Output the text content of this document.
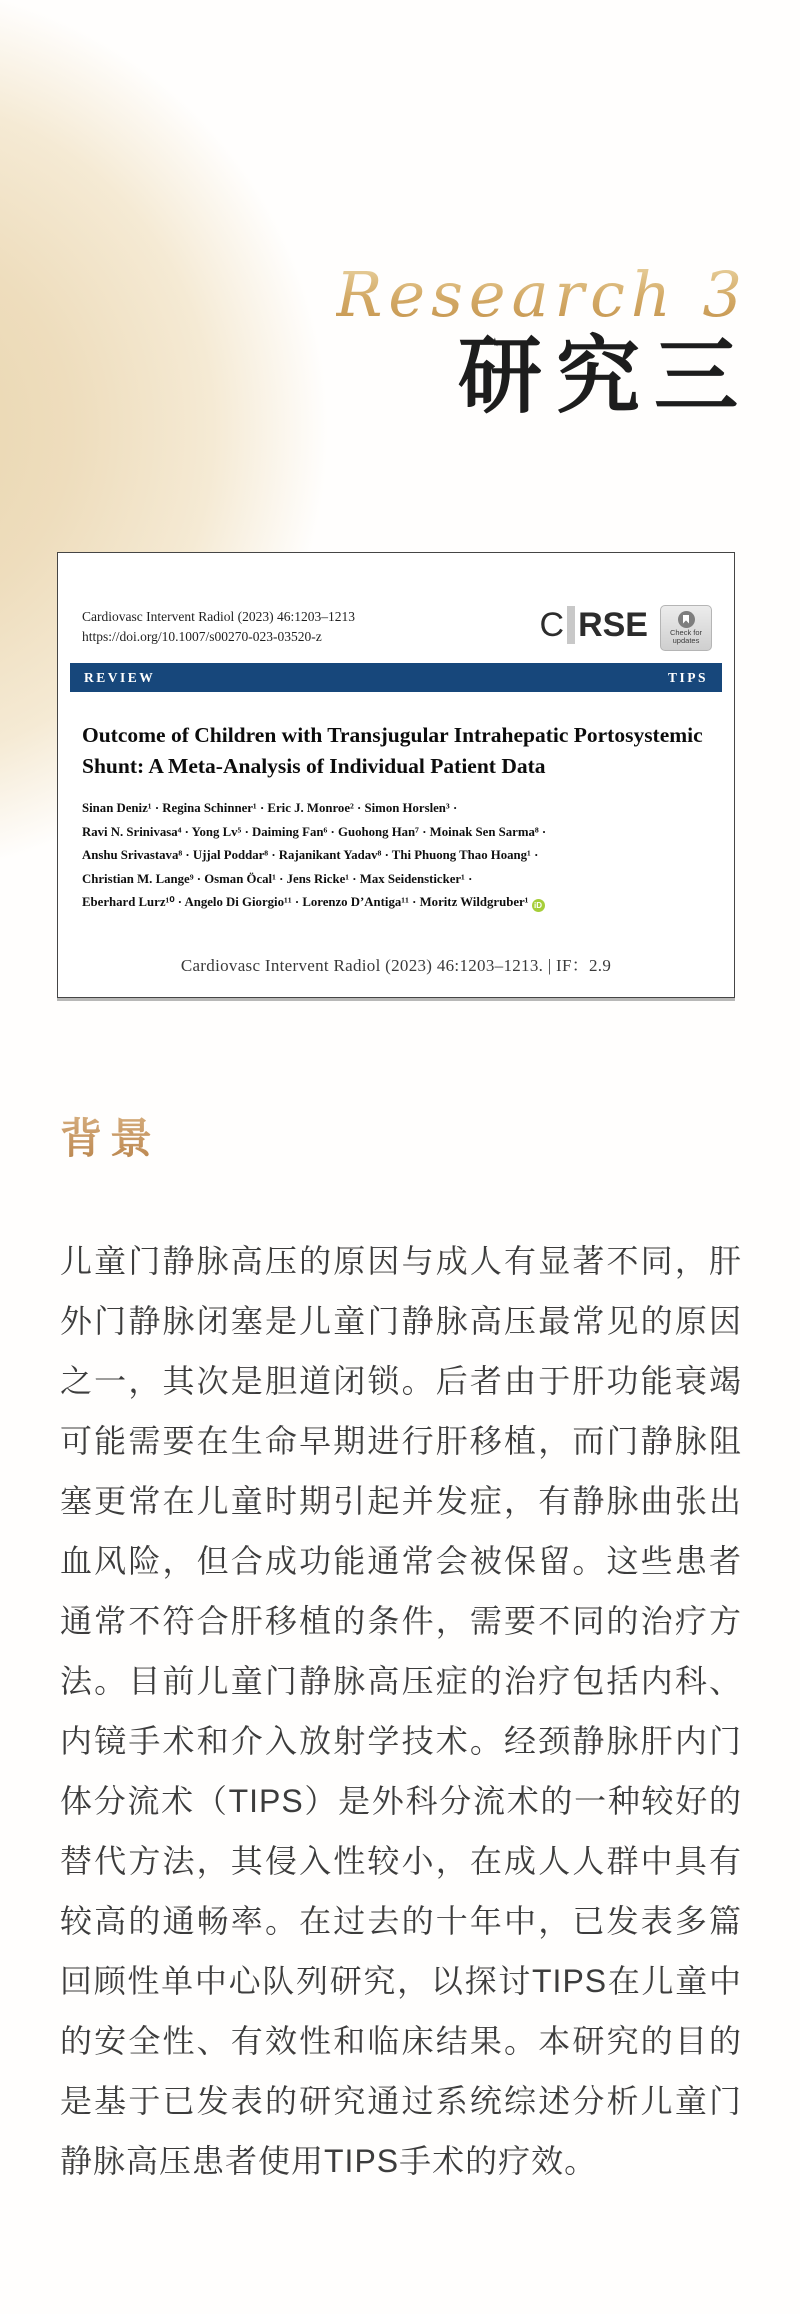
Research 3
研究三
Cardiovasc Intervent Radiol (2023) 46:1203–1213
https://doi.org/10.1007/s00270-023-03520-z	C RSE	Check for
updates
REVIEW	TIPS
Outcome of Children with Transjugular Intrahepatic Portosystemic Shunt: A Meta-Analysis of Individual Patient Data
Sinan Deniz¹ · Regina Schinner¹ · Eric J. Monroe² · Simon Horslen³ ·
Ravi N. Srinivasa⁴ · Yong Lv⁵ · Daiming Fan⁶ · Guohong Han⁷ · Moinak Sen Sarma⁸ ·
Anshu Srivastava⁸ · Ujjal Poddar⁸ · Rajanikant Yadav⁸ · Thi Phuong Thao Hoang¹ ·
Christian M. Lange⁹ · Osman Öcal¹ · Jens Ricke¹ · Max Seidensticker¹ ·
Eberhard Lurz¹⁰ · Angelo Di Giorgio¹¹ · Lorenzo D’Antiga¹¹ · Moritz Wildgruber¹ iD
Cardiovasc Intervent Radiol (2023) 46:1203–1213. | IF：2.9
背景
儿童门静脉高压的原因与成人有显著不同，肝外门静脉闭塞是儿童门静脉高压最常见的原因之一，其次是胆道闭锁。后者由于肝功能衰竭可能需要在生命早期进行肝移植，而门静脉阻塞更常在儿童时期引起并发症，有静脉曲张出血风险，但合成功能通常会被保留。这些患者通常不符合肝移植的条件，需要不同的治疗方法。目前儿童门静脉高压症的治疗包括内科、内镜手术和介入放射学技术。经颈静脉肝内门体分流术（TIPS）是外科分流术的一种较好的替代方法，其侵入性较小，在成人人群中具有较高的通畅率。在过去的十年中，已发表多篇回顾性单中心队列研究，以探讨TIPS在儿童中的安全性、有效性和临床结果。本研究的目的是基于已发表的研究通过系统综述分析儿童门静脉高压患者使用TIPS手术的疗效。
